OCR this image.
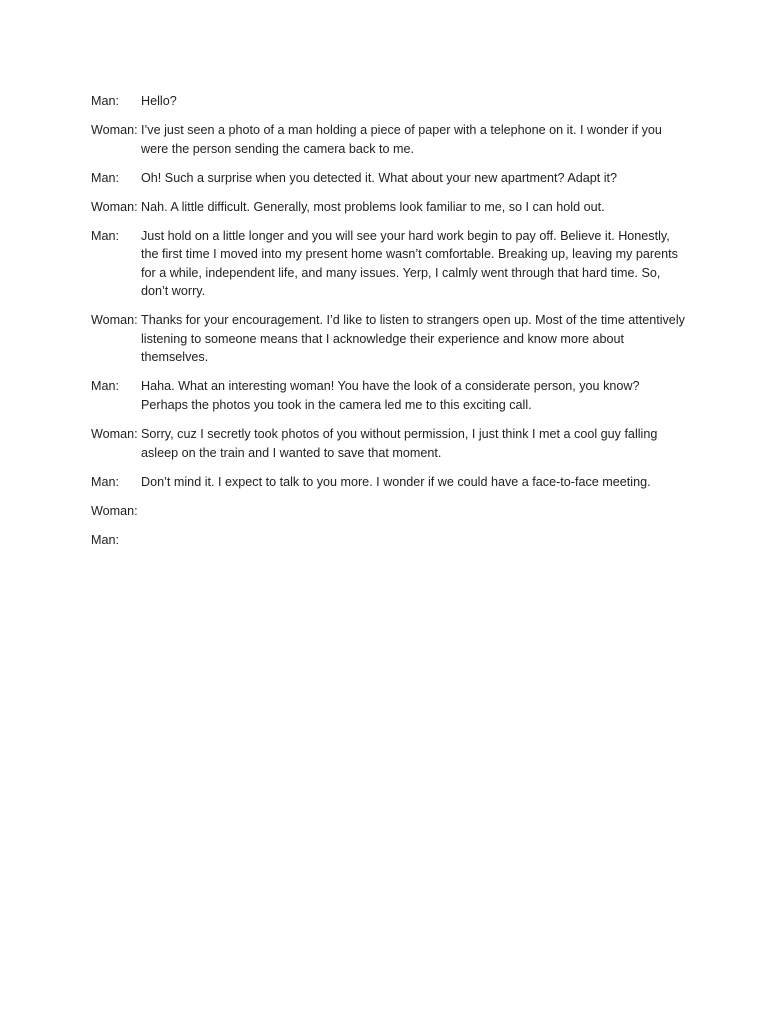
Man:	Hello?
Woman: I’ve just seen a photo of a man holding a piece of paper with a telephone on it. I wonder if you were the person sending the camera back to me.
Man:	Oh! Such a surprise when you detected it. What about your new apartment? Adapt it?
Woman: Nah. A little difficult. Generally, most problems look familiar to me, so I can hold out.
Man:	Just hold on a little longer and you will see your hard work begin to pay off. Believe it. Honestly, the first time I moved into my present home wasn’t comfortable. Breaking up, leaving my parents for a while, independent life, and many issues. Yerp, I calmly went through that hard time. So, don’t worry.
Woman: Thanks for your encouragement. I’d like to listen to strangers open up. Most of the time attentively listening to someone means that I acknowledge their experience and know more about themselves.
Man:	Haha. What an interesting woman! You have the look of a considerate person, you know? Perhaps the photos you took in the camera led me to this exciting call.
Woman: Sorry, cuz I secretly took photos of you without permission, I just think I met a cool guy falling asleep on the train and I wanted to save that moment.
Man:	Don’t mind it. I expect to talk to you more. I wonder if we could have a face-to-face meeting.
Woman:
Man:
